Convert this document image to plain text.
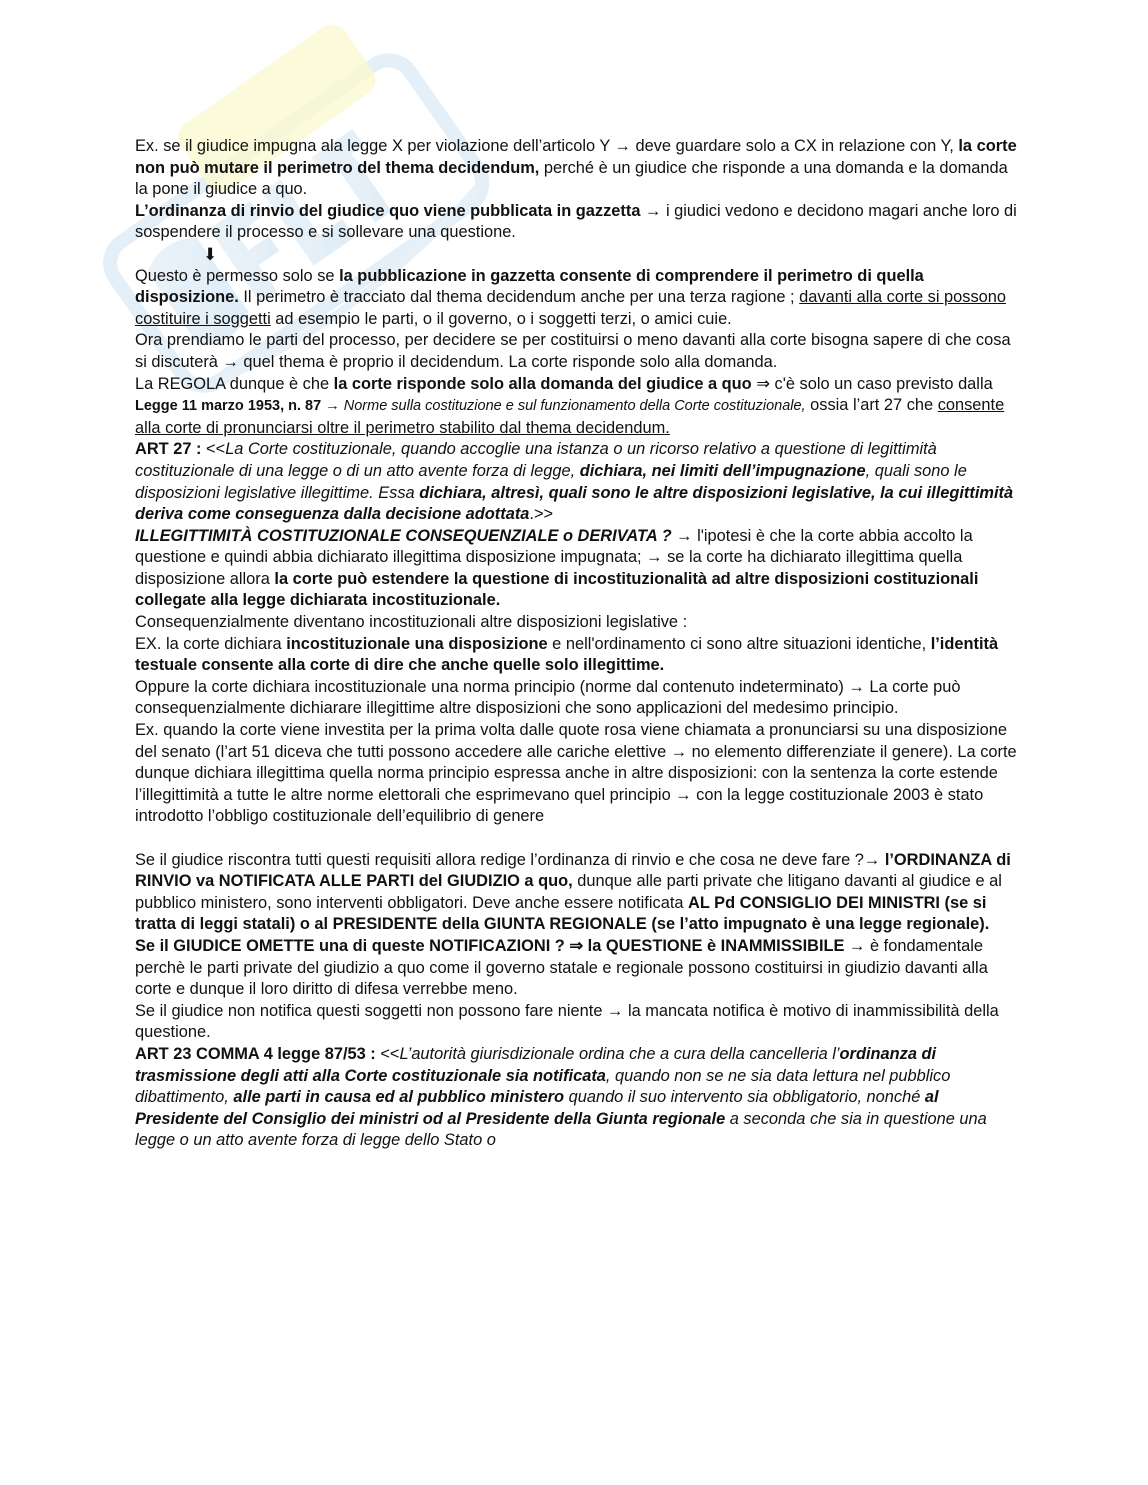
Ex. se il giudice impugna ala legge X per violazione dell’articolo Y → deve guardare solo a CX in relazione con Y, la corte non può mutare il perimetro del thema decidendum, perché è un giudice che risponde a una domanda e la domanda la pone il giudice a quo.

L’ordinanza di rinvio del giudice quo viene pubblicata in gazzetta → i giudici vedono e decidono magari anche loro di sospendere il processo e si sollevare una questione.

⬇

Questo è permesso solo se la pubblicazione in gazzetta consente di comprendere il perimetro di quella disposizione. Il perimetro è tracciato dal thema decidendum anche per una terza ragione ; davanti alla corte si possono costituire i soggetti ad esempio le parti, o il governo, o i soggetti terzi, o amici cuie.

Ora prendiamo le parti del processo, per decidere se per costituirsi o meno davanti alla corte bisogna sapere di che cosa si discuterà → quel thema è proprio il decidendum. La corte risponde solo alla domanda.

La REGOLA dunque è che la corte risponde solo alla domanda del giudice a quo ⇒ c'è solo un caso previsto dalla Legge 11 marzo 1953, n. 87 → Norme sulla costituzione e sul funzionamento della Corte costituzionale, ossia l’art 27 che consente alla corte di pronunciarsi oltre il perimetro stabilito dal thema decidendum.

ART 27 : <<La Corte costituzionale, quando accoglie una istanza o un ricorso relativo a questione di legittimità costituzionale di una legge o di un atto avente forza di legge, dichiara, nei limiti dell’impugnazione, quali sono le disposizioni legislative illegittime. Essa dichiara, altresì, quali sono le altre disposizioni legislative, la cui illegittimità deriva come conseguenza dalla decisione adottata.>>

ILLEGITTIMITÀ COSTITUZIONALE CONSEQUENZIALE o DERIVATA ? → l'ipotesi è che la corte abbia accolto la questione e quindi abbia dichiarato illegittima disposizione impugnata; → se la corte ha dichiarato illegittima quella disposizione allora la corte può estendere la questione di incostituzionalità ad altre disposizioni costituzionali collegate alla legge dichiarata incostituzionale.

Consequenzialmente diventano incostituzionali altre disposizioni legislative :

EX. la corte dichiara incostituzionale una disposizione e nell'ordinamento ci sono altre situazioni identiche, l’identità testuale consente alla corte di dire che anche quelle solo illegittime.

Oppure la corte dichiara incostituzionale una norma principio (norme dal contenuto indeterminato) → La corte può consequenzialmente dichiarare illegittime altre disposizioni che sono applicazioni del medesimo principio.

Ex. quando la corte viene investita per la prima volta dalle quote rosa viene chiamata a pronunciarsi su una disposizione del senato (l’art 51 diceva che tutti possono accedere alle cariche elettive → no elemento differenziate il genere). La corte dunque dichiara illegittima quella norma principio espressa anche in altre disposizioni: con la sentenza la corte estende l’illegittimità a tutte le altre norme elettorali che esprimevano quel principio → con la legge costituzionale 2003 è stato introdotto l’obbligo costituzionale dell’equilibrio di genere

Se il giudice riscontra tutti questi requisiti allora redige l’ordinanza di rinvio e che cosa ne deve fare ?→ l’ORDINANZA di RINVIO va NOTIFICATA ALLE PARTI del GIUDIZIO a quo, dunque alle parti private che litigano davanti al giudice e al pubblico ministero, sono interventi obbligatori. Deve anche essere notificata AL Pd CONSIGLIO DEI MINISTRI (se si tratta di leggi statali) o al PRESIDENTE della GIUNTA REGIONALE (se l’atto impugnato è una legge regionale).

Se il GIUDICE OMETTE una di queste NOTIFICAZIONI ? ⇒ la QUESTIONE è INAMMISSIBILE → è fondamentale perchè le parti private del giudizio a quo come il governo statale e regionale possono costituirsi in giudizio davanti alla corte e dunque il loro diritto di difesa verrebbe meno.

Se il giudice non notifica questi soggetti non possono fare niente → la mancata notifica è motivo di inammissibilità della questione.

ART 23 COMMA 4 legge 87/53 : <<L’autorità giurisdizionale ordina che a cura della cancelleria l’ordinanza di trasmissione degli atti alla Corte costituzionale sia notificata, quando non se ne sia data lettura nel pubblico dibattimento, alle parti in causa ed al pubblico ministero quando il suo intervento sia obbligatorio, nonché al Presidente del Consiglio dei ministri od al Presidente della Giunta regionale a seconda che sia in questione una legge o un atto avente forza di legge dello Stato o
